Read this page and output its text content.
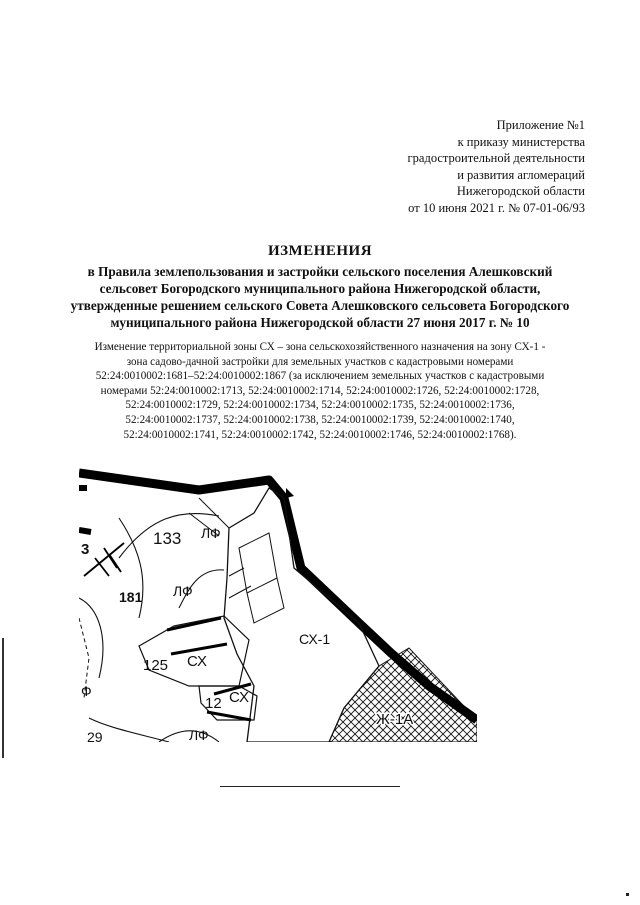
Приложение №1
к приказу министерства
градостроительной деятельности
и развития агломераций
Нижегородской области
от 10 июня 2021 г. № 07-01-06/93
ИЗМЕНЕНИЯ
в Правила землепользования и застройки сельского поселения Алешковский
сельсовет Богородского муниципального района Нижегородской области,
утвержденные решением сельского Совета Алешковского сельсовета Богородского
муниципального района Нижегородской области 27 июня 2017 г. № 10
Изменение территориальной зоны СХ – зона сельскохозяйственного назначения на зону СХ-1 -
зона садово-дачной застройки для земельных участков с кадастровыми номерами
52:24:0010002:1681–52:24:0010002:1867 (за исключением земельных участков с кадастровыми
номерами 52:24:0010002:1713, 52:24:0010002:1714, 52:24:0010002:1726, 52:24:0010002:1728,
52:24:0010002:1729, 52:24:0010002:1734, 52:24:0010002:1735, 52:24:0010002:1736,
52:24:0010002:1737, 52:24:0010002:1738, 52:24:0010002:1739, 52:24:0010002:1740,
52:24:0010002:1741, 52:24:0010002:1742, 52:24:0010002:1746, 52:24:0010002:1768).
133 ЛФ
181 ЛФ
СХ-1
125 СХ
12 СХ
Ж-1А
Ф
ЛФ
29
3
